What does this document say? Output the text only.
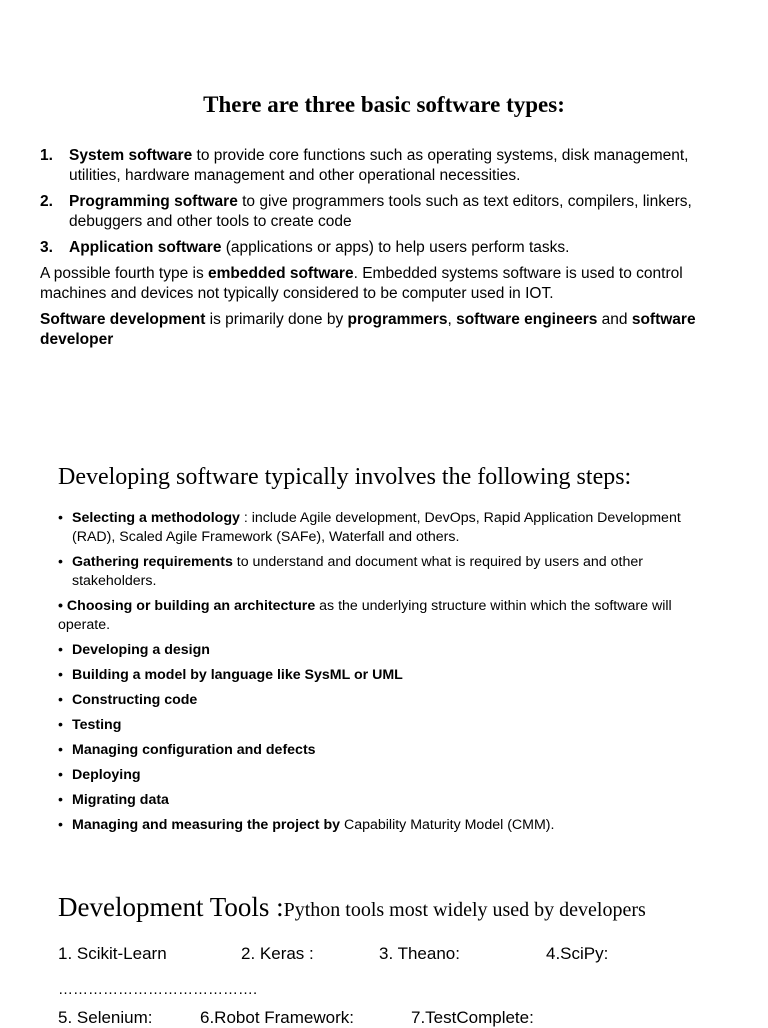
There are three basic software types:
1. System software to provide core functions such as operating systems, disk management, utilities, hardware management and other operational necessities.
2. Programming software to give programmers tools such as text editors, compilers, linkers, debuggers and other tools to create code
3. Application software (applications or apps) to help users perform tasks.

A possible fourth type is embedded software. Embedded systems software is used to control machines and devices not typically considered to be computer used in IOT.

Software development is primarily done by programmers, software engineers and software developer

Developing software typically involves the following steps:
• Selecting a methodology : include Agile development, DevOps, Rapid Application Development (RAD), Scaled Agile Framework (SAFe), Waterfall and others.
• Gathering requirements to understand and document what is required by users and other stakeholders.

• Choosing or building an architecture as the underlying structure within which the software will operate.

• Developing a design
• Building a model by language like SysML or UML
• Constructing code
• Testing
• Managing configuration and defects
• Deploying
• Migrating data
• Managing and measuring the project by Capability Maturity Model (CMM).
Development Tools :Python tools most widely used by developers
1. Scikit-Learn	2. Keras :	3. Theano:	4.SciPy:
………………………………….
5. Selenium:	6.Robot Framework:	7.TestComplete:
